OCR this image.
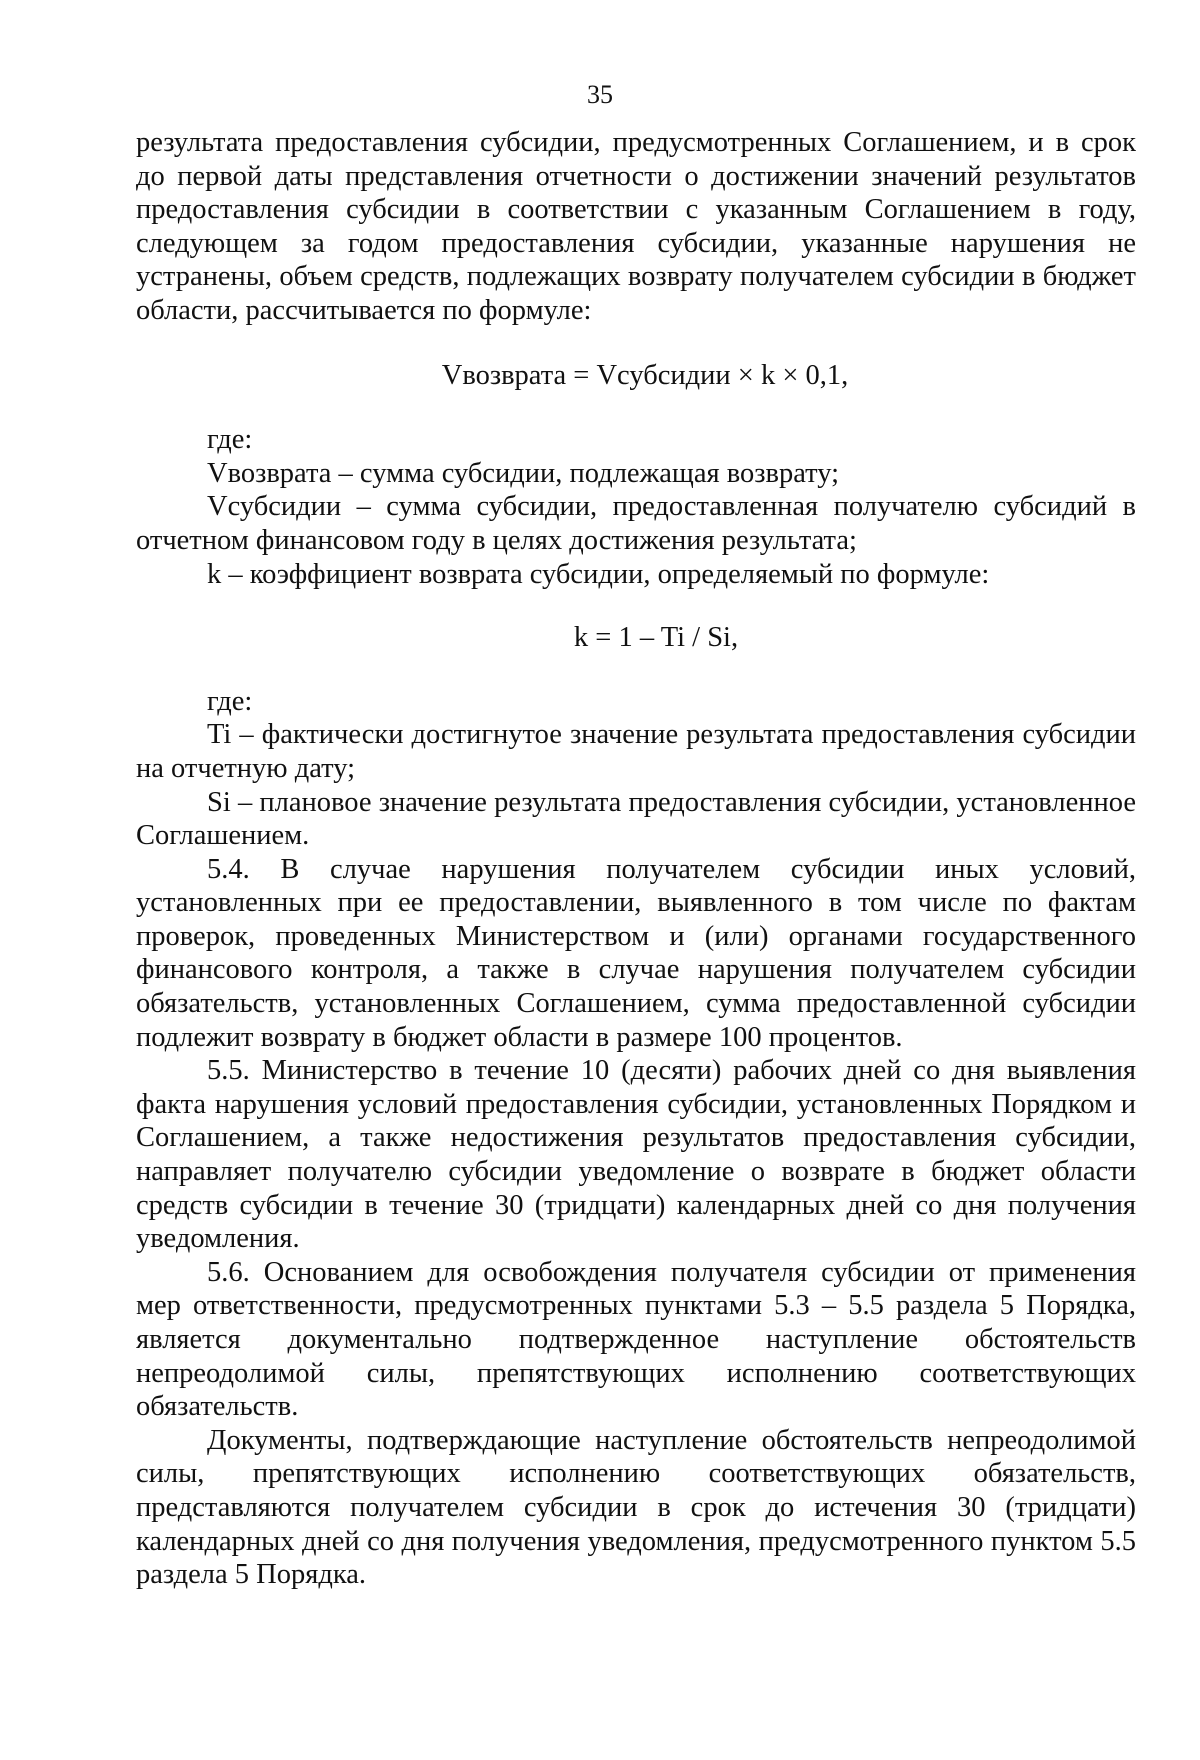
35

результата предоставления субсидии, предусмотренных Соглашением, и в срок до первой даты представления отчетности о достижении значений результатов предоставления субсидии в соответствии с указанным Соглашением в году, следующем за годом предоставления субсидии, указанные нарушения не устранены, объем средств, подлежащих возврату получателем субсидии в бюджет области, рассчитывается по формуле:

Vвозврата = Vсубсидии × k × 0,1,

где:

Vвозврата – сумма субсидии, подлежащая возврату;

Vсубсидии – сумма субсидии, предоставленная получателю субсидий в отчетном финансовом году в целях достижения результата;

k – коэффициент возврата субсидии, определяемый по формуле:

k = 1 – Ti / Si,

где:

Ti – фактически достигнутое значение результата предоставления субсидии на отчетную дату;

Si – плановое значение результата предоставления субсидии, установленное Соглашением.

5.4. В случае нарушения получателем субсидии иных условий, установленных при ее предоставлении, выявленного в том числе по фактам проверок, проведенных Министерством и (или) органами государственного финансового контроля, а также в случае нарушения получателем субсидии обязательств, установленных Соглашением, сумма предоставленной субсидии подлежит возврату в бюджет области в размере 100 процентов.

5.5. Министерство в течение 10 (десяти) рабочих дней со дня выявления факта нарушения условий предоставления субсидии, установленных Порядком и Соглашением, а также недостижения результатов предоставления субсидии, направляет получателю субсидии уведомление о возврате в бюджет области средств субсидии в течение 30 (тридцати) календарных дней со дня получения уведомления.

5.6. Основанием для освобождения получателя субсидии от применения мер ответственности, предусмотренных пунктами 5.3 – 5.5 раздела 5 Порядка, является документально подтвержденное наступление обстоятельств непреодолимой силы, препятствующих исполнению соответствующих обязательств.

Документы, подтверждающие наступление обстоятельств непреодолимой силы, препятствующих исполнению соответствующих обязательств, представляются получателем субсидии в срок до истечения 30 (тридцати) календарных дней со дня получения уведомления, предусмотренного пунктом 5.5 раздела 5 Порядка.
